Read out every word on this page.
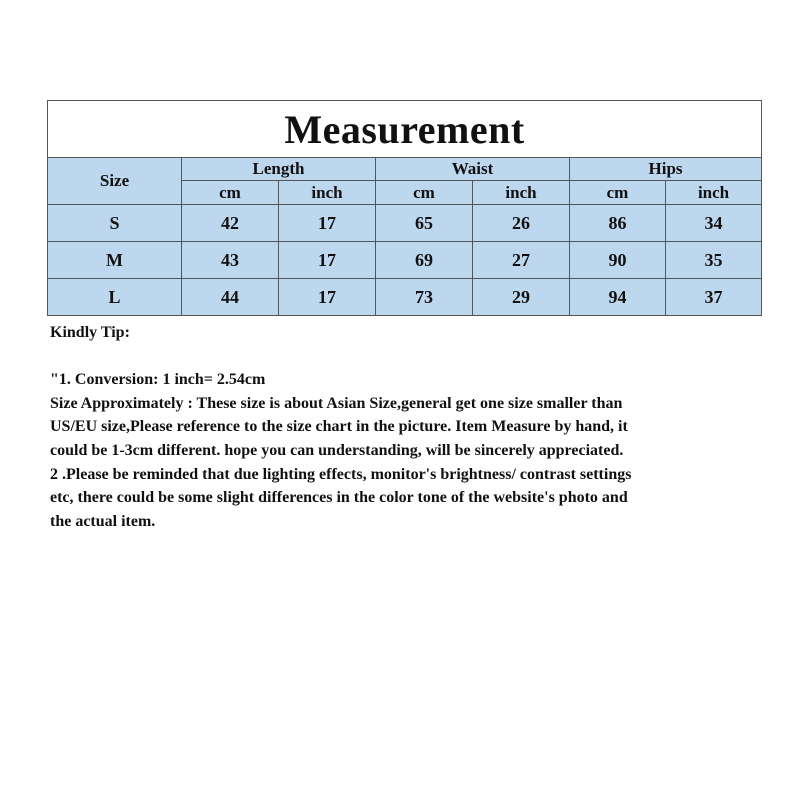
Measurement						
Size	Length		Waist		Hips	
	cm	inch	cm	inch	cm	inch
S	42	17	65	26	86	34
M	43	17	69	27	90	35
L	44	17	73	29	94	37

Kindly Tip:

"1. Conversion: 1 inch= 2.54cm

Size Approximately : These size is about Asian Size,general get one size smaller than

US/EU size,Please reference to the size chart in the picture. Item Measure by hand, it

could be 1-3cm different. hope you can understanding, will be sincerely appreciated.

2 .Please be reminded that due lighting effects, monitor's brightness/ contrast settings

etc, there could be some slight differences in the color tone of the website's photo and

the actual item.
